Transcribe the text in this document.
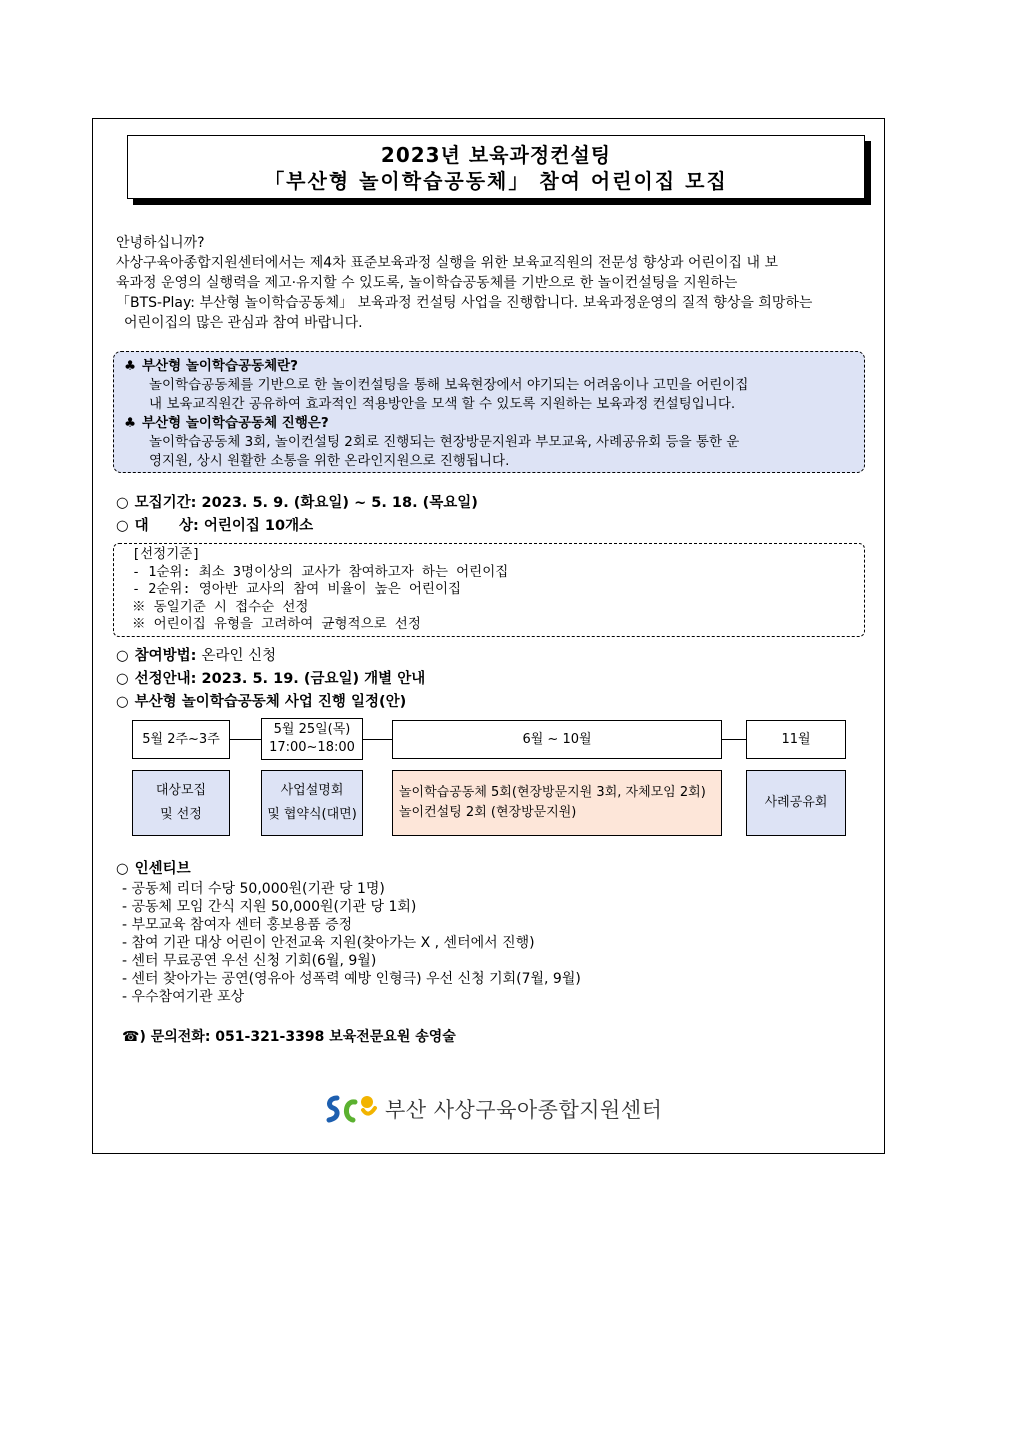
2023년 보육과정컨설팅
「부산형 놀이학습공동체」 참여 어린이집 모집

안녕하십니까?

사상구육아종합지원센터에서는 제4차 표준보육과정 실행을 위한 보육교직원의 전문성 향상과 어린이집 내 보

육과정 운영의 실행력을 제고·유지할 수 있도록, 놀이학습공동체를 기반으로 한 놀이컨설팅을 지원하는

「BTS-Play: 부산형 놀이학습공동체」 보육과정 컨설팅 사업을 진행합니다. 보육과정운영의 질적 향상을 희망하는

어린이집의 많은 관심과 참여 바랍니다.

♣ 부산형 놀이학습공동체란?
놀이학습공동체를 기반으로 한 놀이컨설팅을 통해 보육현장에서 야기되는 어려움이나 고민을 어린이집
내 보육교직원간 공유하여 효과적인 적용방안을 모색 할 수 있도록 지원하는 보육과정 컨설팅입니다.
♣ 부산형 놀이학습공동체 진행은?
놀이학습공동체 3회, 놀이컨설팅 2회로 진행되는 현장방문지원과 부모교육, 사례공유회 등을 통한 운
영지원, 상시 원활한 소통을 위한 온라인지원으로 진행됩니다.
○ 모집기간: 2023. 5. 9. (화요일) ~ 5. 18. (목요일)
○ 대      상: 어린이집 10개소
[선정기준]
- 1순위: 최소 3명이상의 교사가 참여하고자 하는 어린이집
- 2순위: 영아반 교사의 참여 비율이 높은 어린이집
※ 동일기준 시 접수순 선정
※ 어린이집 유형을 고려하여 균형적으로 선정
○ 참여방법: 온라인 신청
○ 선정안내: 2023. 5. 19. (금요일) 개별 안내
○ 부산형 놀이학습공동체 사업 진행 일정(안)
5월 2주~3주
5월 25일(목)
17:00~18:00
6월 ~ 10월	11월
대상모집
및 선정
사업설명회
및 협약식(대면)
놀이학습공동체 5회(현장방문지원 3회, 자체모임 2회)
놀이컨설팅 2회 (현장방문지원)
사례공유회
○ 인센티브
- 공동체 리더 수당 50,000원(기관 당 1명)
- 공동체 모임 간식 지원 50,000원(기관 당 1회)
- 부모교육 참여자 센터 홍보용품 증정
- 참여 기관 대상 어린이 안전교육 지원(찾아가는 X , 센터에서 진행)
- 센터 무료공연 우선 신청 기회(6월, 9월)
- 센터 찾아가는 공연(영유아 성폭력 예방 인형극) 우선 신청 기회(7월, 9월)
- 우수참여기관 포상
☎) 문의전화: 051-321-3398 보육전문요원 송영술
부산 사상구육아종합지원센터
